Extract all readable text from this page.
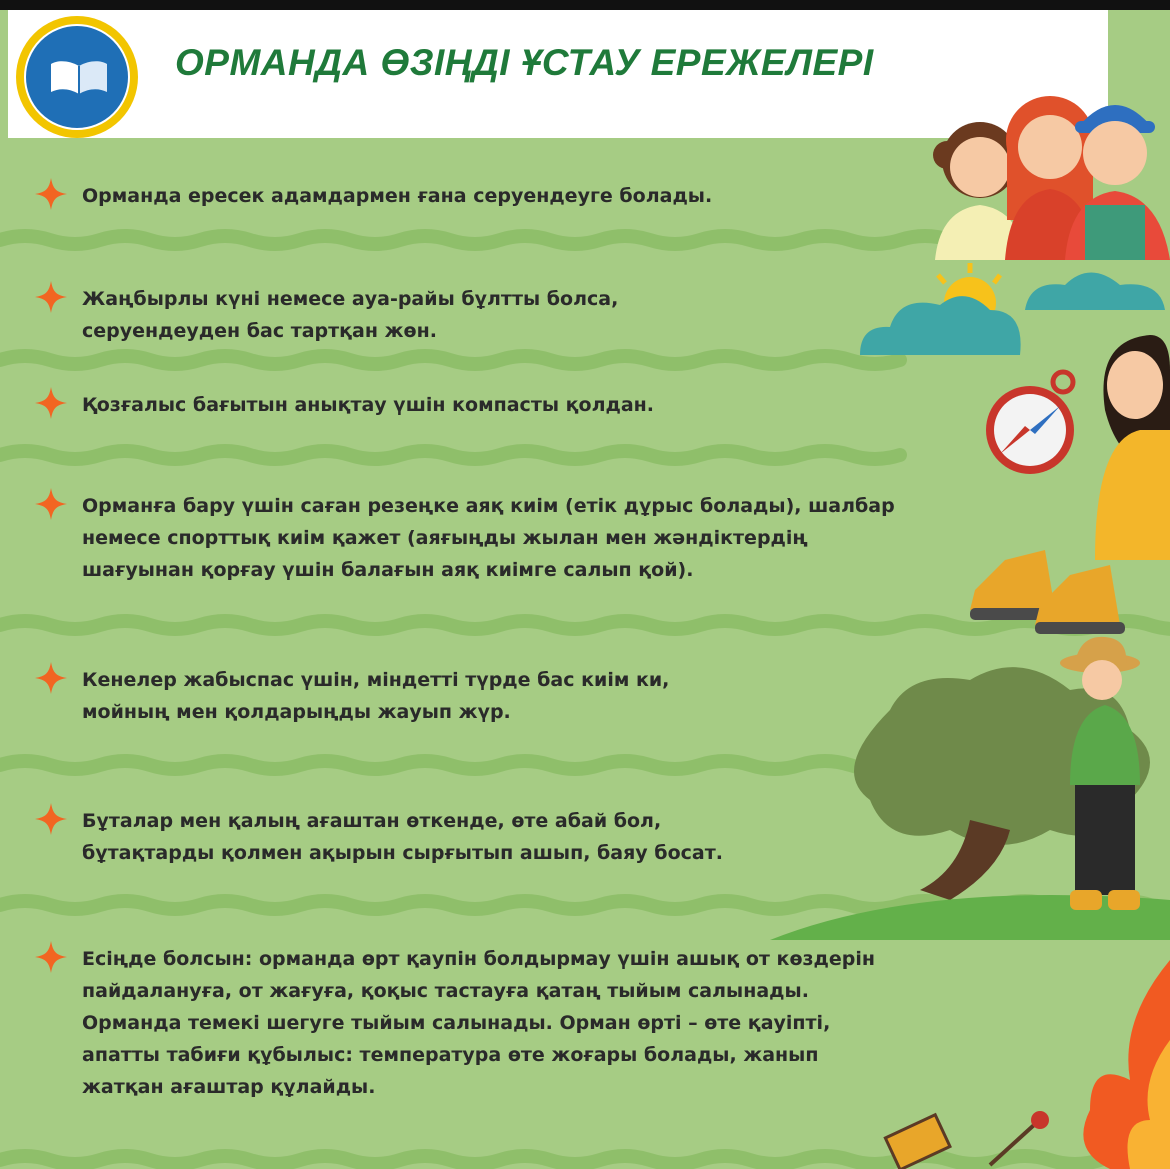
ОРМАНДА ӨЗІҢДІ ҰСТАУ ЕРЕЖЕЛЕРІ
Орманда ересек адамдармен ғана серуендеуге болады.
Жаңбырлы күні немесе ауа-райы бұлтты болса,
серуендеуден бас тартқан жөн.
Қозғалыс бағытын анықтау үшін компасты қолдан.
Орманға бару үшін саған резеңке аяқ киім (етік дұрыс болады), шалбар
немесе спорттық киім қажет (аяғыңды жылан мен жәндіктердің
шағуынан қорғау үшін балағын аяқ киімге салып қой).
Кенелер жабыспас үшін, міндетті түрде бас киім ки,
мойның мен қолдарыңды жауып жүр.
Бұталар мен қалың ағаштан өткенде, өте абай бол,
бұтақтарды қолмен ақырын сырғытып ашып, баяу босат.
Есіңде болсын: орманда өрт қаупін болдырмау үшін ашық от көздерін
пайдалануға, от жағуға, қоқыс тастауға қатаң тыйым салынады.
Орманда темекі шегуге тыйым салынады. Орман өрті – өте қауіпті,
апатты табиғи құбылыс: температура өте жоғары болады, жанып
жатқан ағаштар құлайды.
